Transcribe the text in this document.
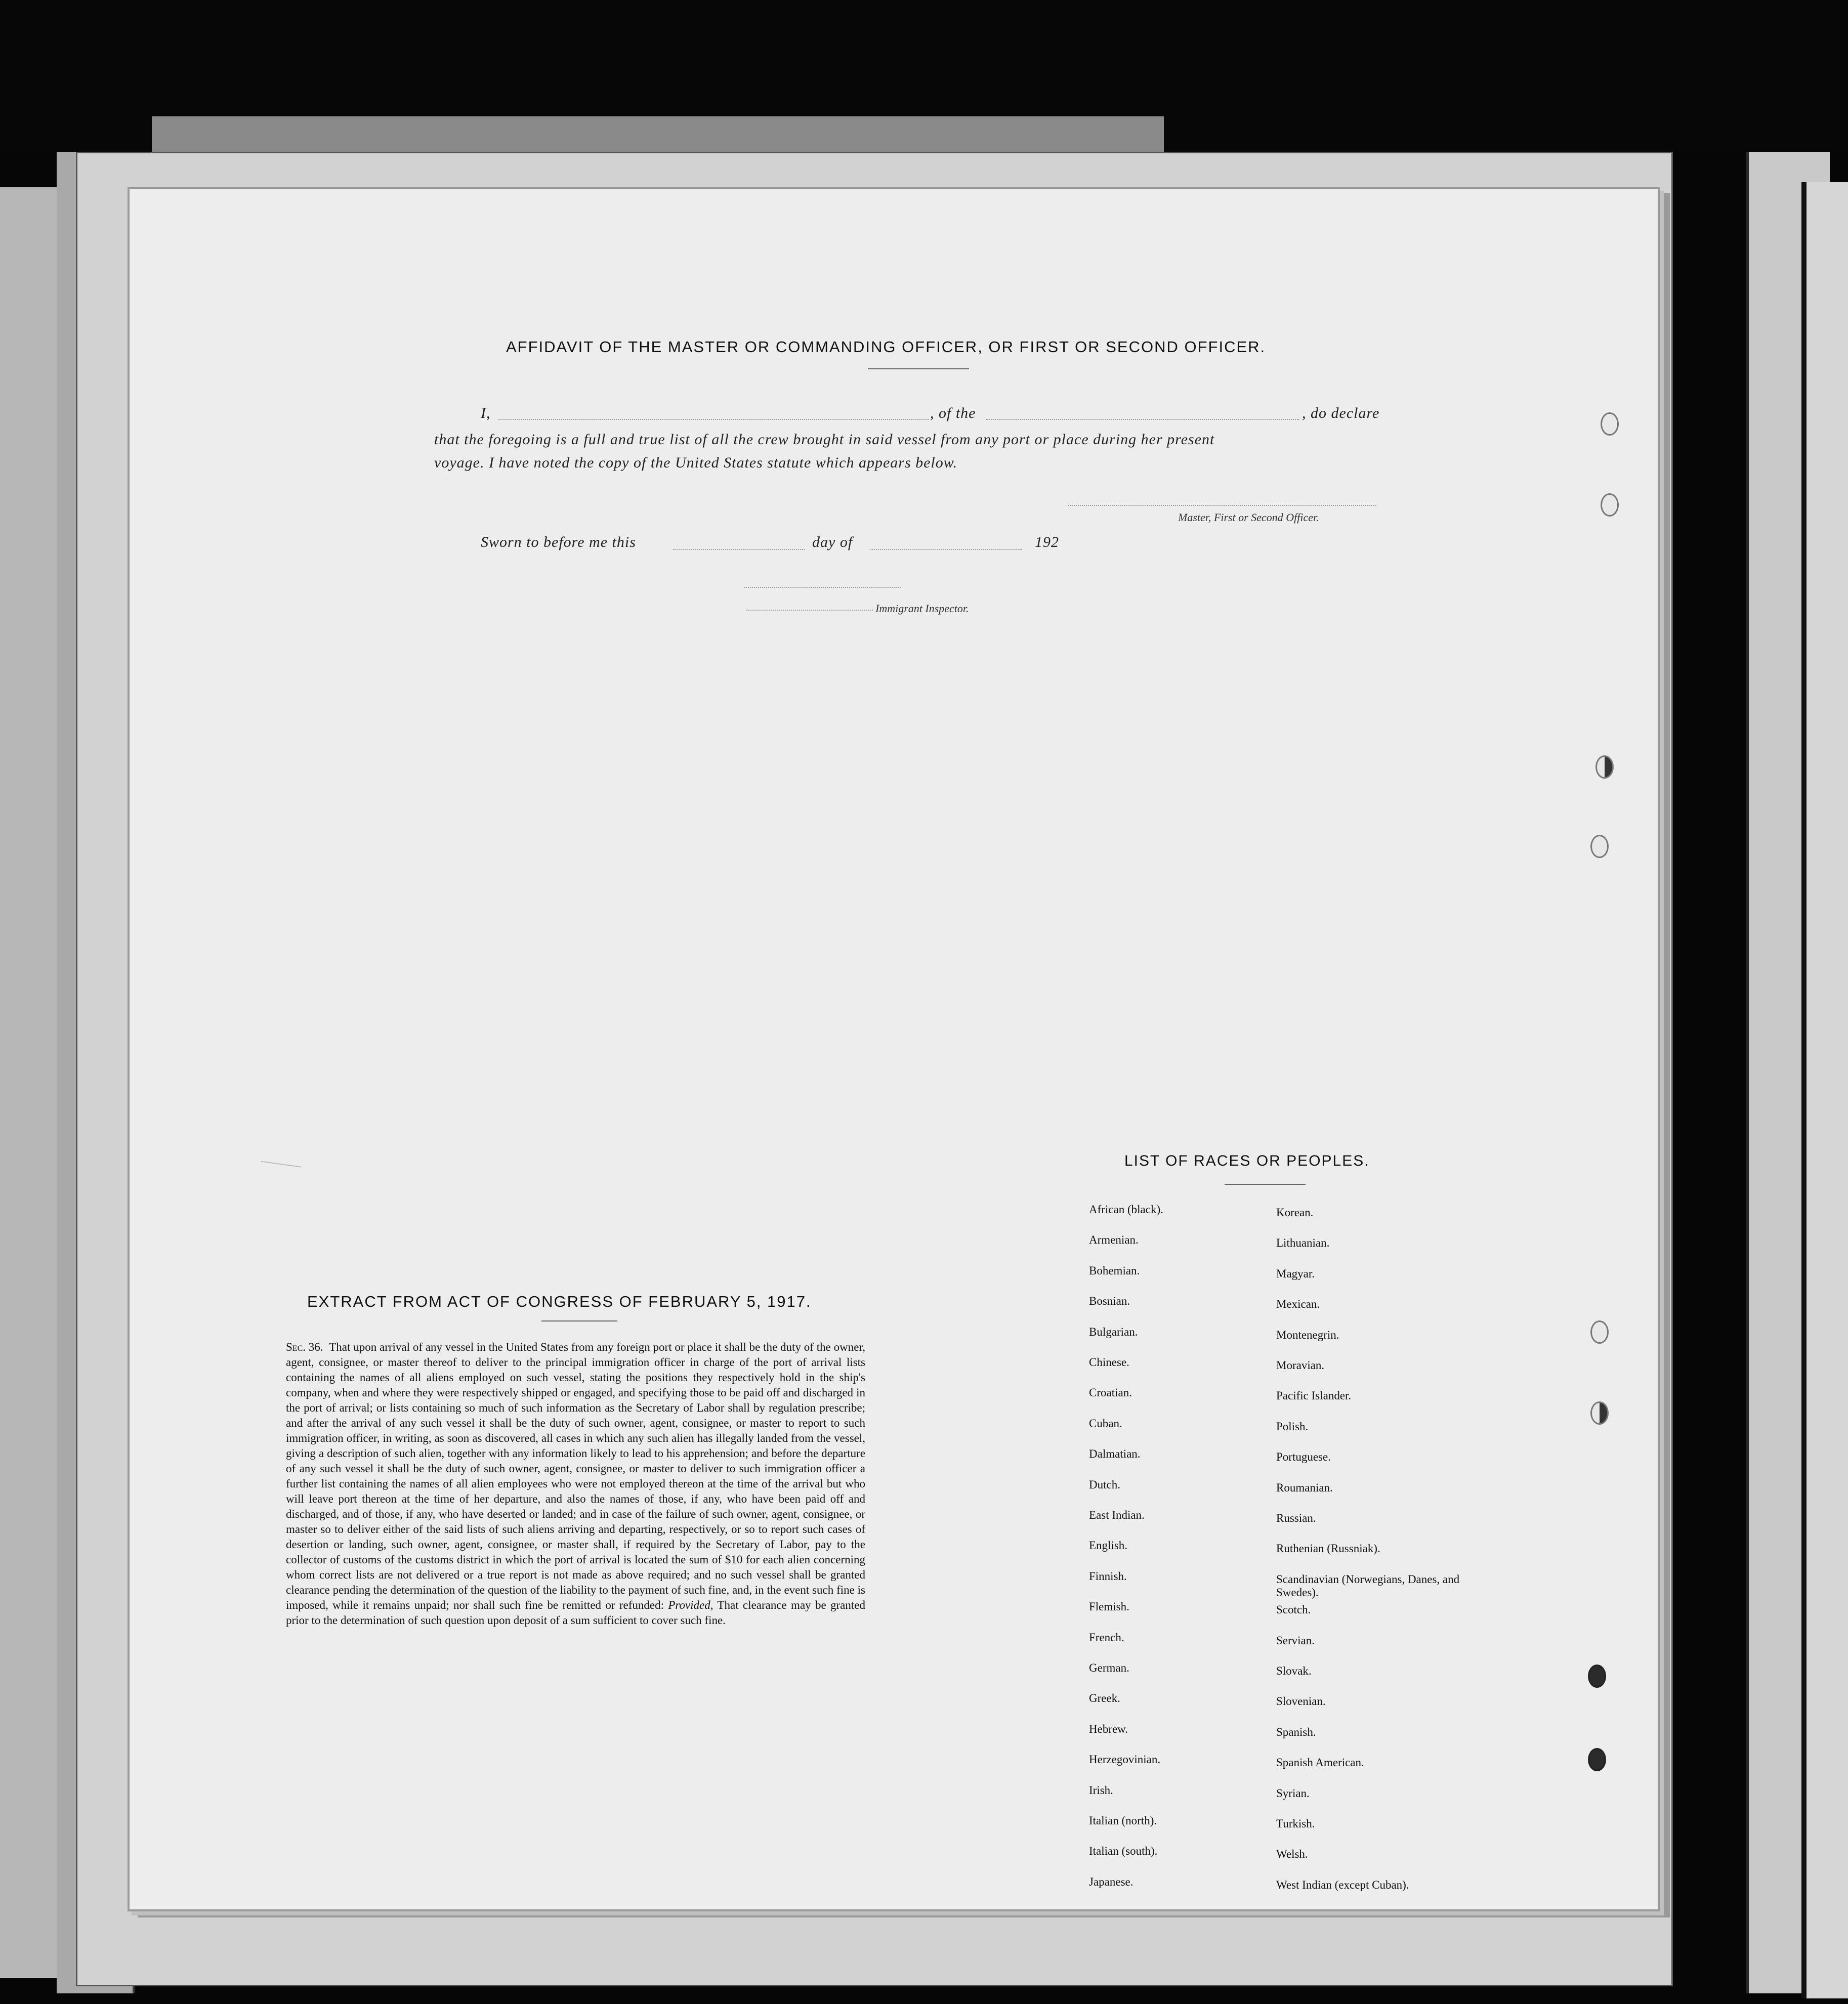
AFFIDAVIT OF THE MASTER OR COMMANDING OFFICER, OR FIRST OR SECOND OFFICER.
I,	, of the	, do declare
that the foregoing is a full and true list of all the crew brought in said vessel from any port or place during her present
voyage. I have noted the copy of the United States statute which appears below.
Master, First or Second Officer.
Sworn to before me this	day of	192
Immigrant Inspector.
LIST OF RACES OR PEOPLES.
African (black).
Armenian.
Bohemian.
Bosnian.
Bulgarian.
Chinese.
Croatian.
Cuban.
Dalmatian.
Dutch.
East Indian.
English.
Finnish.
Flemish.
French.
German.
Greek.
Hebrew.
Herzegovinian.
Irish.
Italian (north).
Italian (south).
Japanese.
Korean.
Lithuanian.
Magyar.
Mexican.
Montenegrin.
Moravian.
Pacific Islander.
Polish.
Portuguese.
Roumanian.
Russian.
Ruthenian (Russniak).
Scandinavian (Norwegians, Danes, and Swedes).
Scotch.
Servian.
Slovak.
Slovenian.
Spanish.
Spanish American.
Syrian.
Turkish.
Welsh.
West Indian (except Cuban).
EXTRACT FROM ACT OF CONGRESS OF FEBRUARY 5, 1917.
Sec. 36. That upon arrival of any vessel in the United States from any foreign port or place it shall be the duty of the owner, agent, consignee, or master thereof to deliver to the principal immigration officer in charge of the port of arrival lists containing the names of all aliens employed on such vessel, stating the positions they respectively hold in the ship's company, when and where they were respectively shipped or engaged, and specifying those to be paid off and discharged in the port of arrival; or lists containing so much of such information as the Secretary of Labor shall by regulation prescribe; and after the arrival of any such vessel it shall be the duty of such owner, agent, consignee, or master to report to such immigration officer, in writing, as soon as discovered, all cases in which any such alien has illegally landed from the vessel, giving a description of such alien, together with any information likely to lead to his apprehension; and before the departure of any such vessel it shall be the duty of such owner, agent, consignee, or master to deliver to such immigration officer a further list containing the names of all alien employees who were not employed thereon at the time of the arrival but who will leave port thereon at the time of her departure, and also the names of those, if any, who have been paid off and discharged, and of those, if any, who have deserted or landed; and in case of the failure of such owner, agent, consignee, or master so to deliver either of the said lists of such aliens arriving and departing, respectively, or so to report such cases of desertion or landing, such owner, agent, consignee, or master shall, if required by the Secretary of Labor, pay to the collector of customs of the customs district in which the port of arrival is located the sum of $10 for each alien concerning whom correct lists are not delivered or a true report is not made as above required; and no such vessel shall be granted clearance pending the determination of the question of the liability to the payment of such fine, and, in the event such fine is imposed, while it remains unpaid; nor shall such fine be remitted or refunded: Provided, That clearance may be granted prior to the determination of such question upon deposit of a sum sufficient to cover such fine.
